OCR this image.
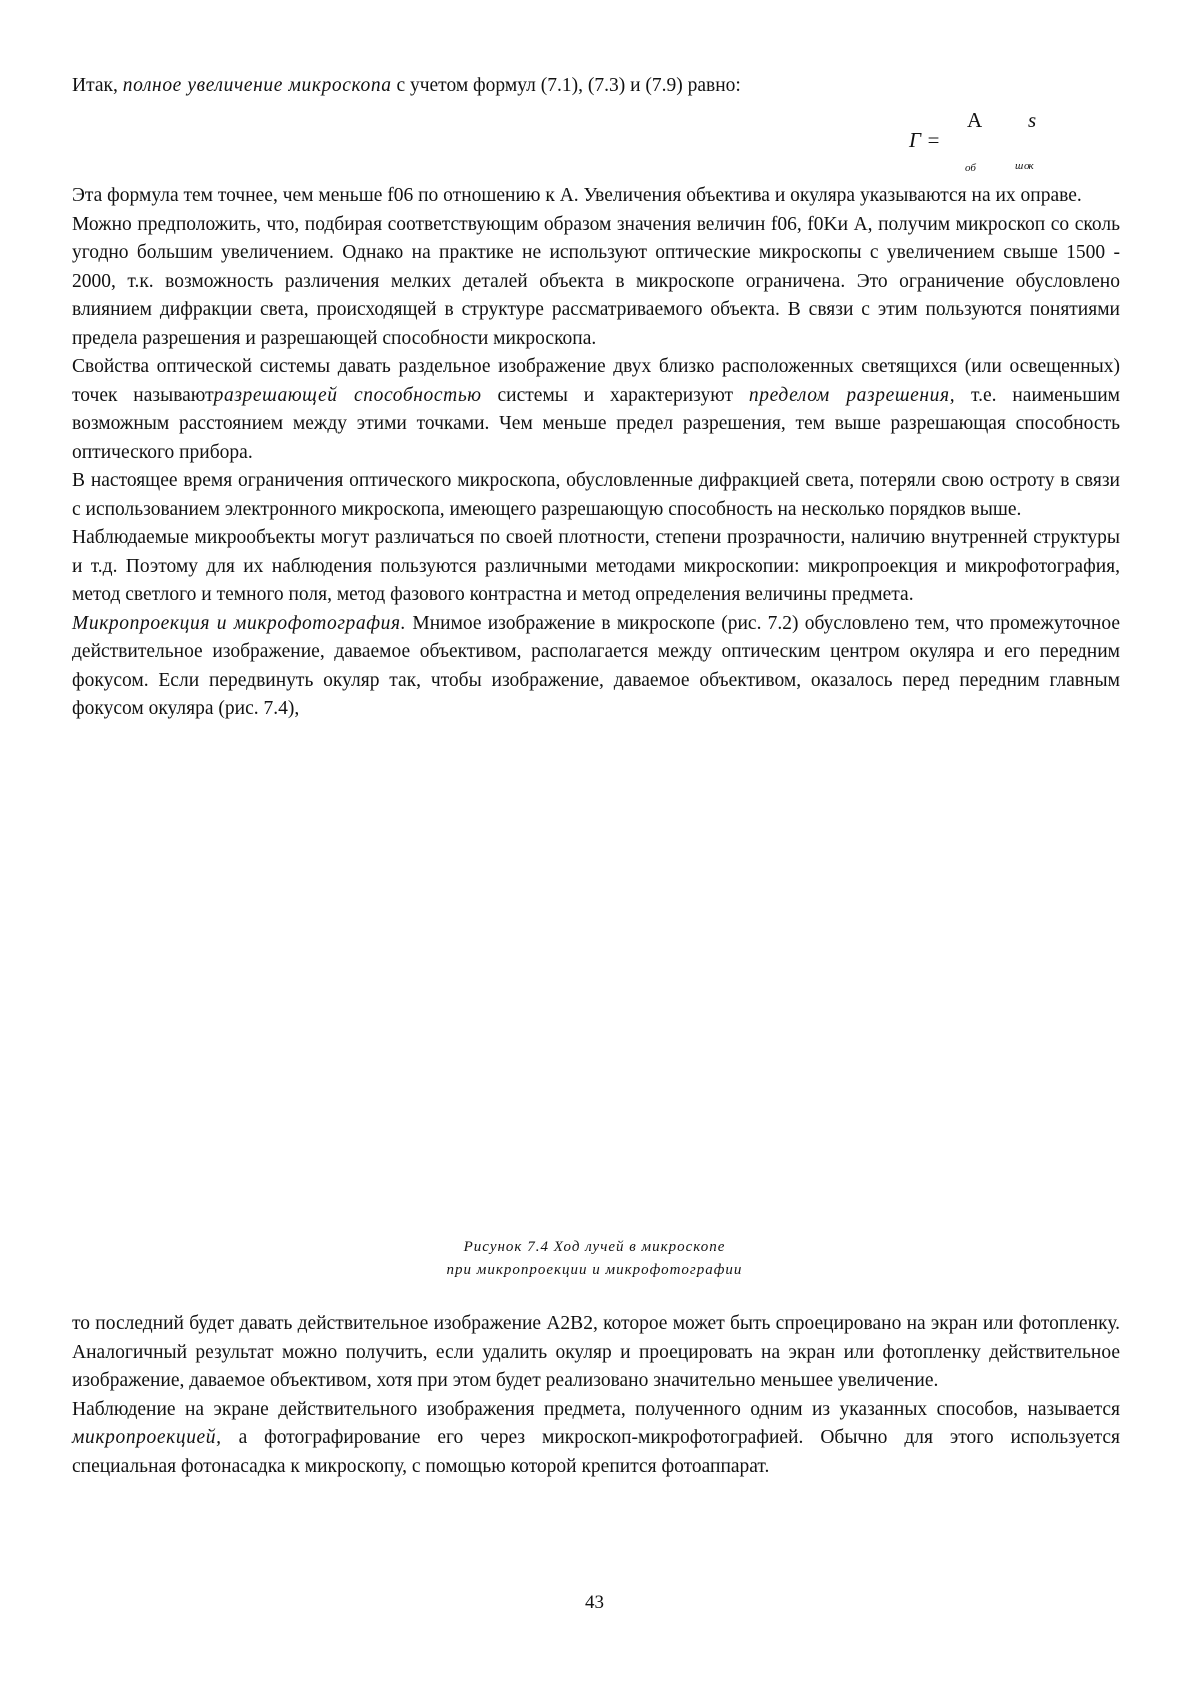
Итак, полное увеличение микроскопа с учетом формул (7.1), (7.3) и (7.9) равно:

Г =
A s
об	ш ок

Эта формула тем точнее, чем меньше f06 по отношению к А. Увеличения объектива и окуляра указываются на их оправе.

Можно предположить, что, подбирая соответствующим образом значения величин f06, f0Kи А, получим микроскоп со сколь угодно большим увеличением. Однако на практике не используют оптические микроскопы с увеличением свыше 1500 - 2000, т.к. возможность различения мелких деталей объекта в микроскопе ограничена. Это ограничение обусловлено влиянием дифракции света, происходящей в структуре рассматриваемого объекта. В связи с этим пользуются понятиями предела разрешения и разрешающей способности микроскопа.

Свойства оптической системы давать раздельное изображение двух близко расположенных светящихся (или освещенных) точек называютразрешающей способностью системы и характеризуют пределом разрешения, т.е. наименьшим возможным расстоянием между этими точками. Чем меньше предел разрешения, тем выше разрешающая способность оптического прибора.

В настоящее время ограничения оптического микроскопа, обусловленные дифракцией света, потеряли свою остроту в связи с использованием электронного микроскопа, имеющего разрешающую способность на несколько порядков выше.

Наблюдаемые микрообъекты могут различаться по своей плотности, степени прозрачности, наличию внутренней структуры и т.д. Поэтому для их наблюдения пользуются различными методами микроскопии: микропроекция и микрофотография, метод светлого и темного поля, метод фазового контрастна и метод определения величины предмета.

Микропроекция и микрофотография. Мнимое изображение в микроскопе (рис. 7.2) обусловлено тем, что промежуточное действительное изображение, даваемое объективом, располагается между оптическим центром окуляра и его передним фокусом. Если передвинуть окуляр так, чтобы изображение, даваемое объективом, оказалось перед передним главным фокусом окуляра (рис. 7.4),

Рисунок 7.4 Ход лучей в микроскопе
при микропроекции и микрофотографии

то последний будет давать действительное изображение А2В2, которое может быть спроецировано на экран или фотопленку. Аналогичный результат можно получить, если удалить окуляр и проецировать на экран или фотопленку действительное изображение, даваемое объективом, хотя при этом будет реализовано значительно меньшее увеличение.

Наблюдение на экране действительного изображения предмета, полученного одним из указанных способов, называется микропроекцией, а фотографирование его через микроскоп-микрофотографией. Обычно для этого используется специальная фотонасадка к микроскопу, с помощью которой крепится фотоаппарат.

43
